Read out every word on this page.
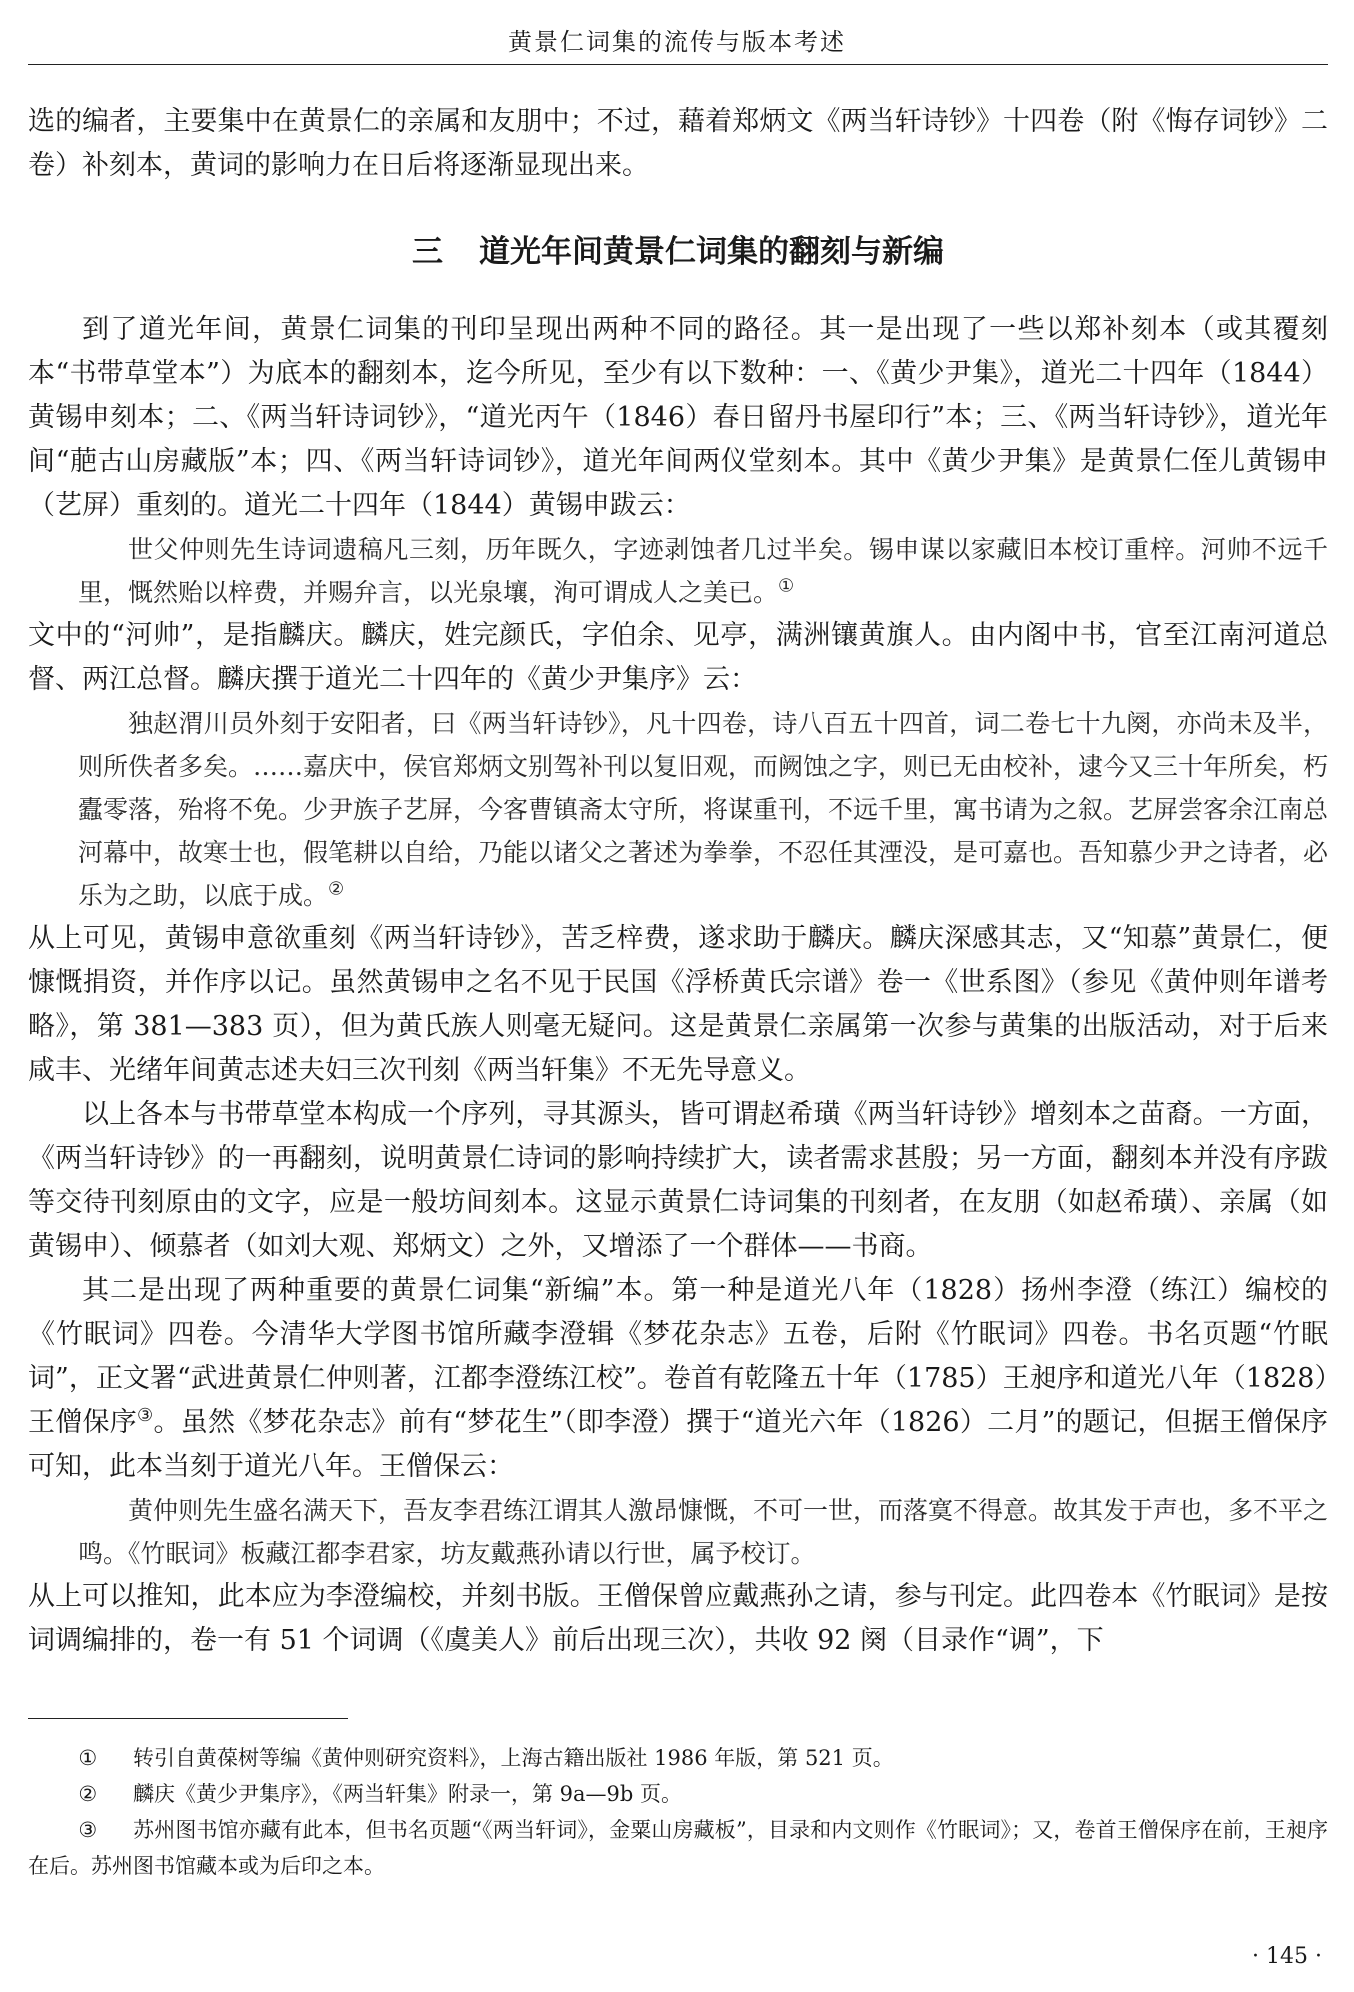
黄景仁词集的流传与版本考述

选的编者，主要集中在黄景仁的亲属和友朋中；不过，藉着郑炳文《两当轩诗钞》十四卷（附《悔存词钞》二卷）补刻本，黄词的影响力在日后将逐渐显现出来。

三 道光年间黄景仁词集的翻刻与新编

到了道光年间，黄景仁词集的刊印呈现出两种不同的路径。其一是出现了一些以郑补刻本（或其覆刻本“书带草堂本”）为底本的翻刻本，迄今所见，至少有以下数种：一、《黄少尹集》，道光二十四年（1844）黄锡申刻本；二、《两当轩诗词钞》，“道光丙午（1846）春日留丹书屋印行”本；三、《两当轩诗钞》，道光年间“萉古山房藏版”本；四、《两当轩诗词钞》，道光年间两仪堂刻本。其中《黄少尹集》是黄景仁侄儿黄锡申（艺屏）重刻的。道光二十四年（1844）黄锡申跋云：

世父仲则先生诗词遗稿凡三刻，历年既久，字迹剥蚀者几过半矣。锡申谋以家藏旧本校订重梓。河帅不远千里，慨然贻以梓费，并赐弁言，以光泉壤，洵可谓成人之美已。①

文中的“河帅”，是指麟庆。麟庆，姓完颜氏，字伯余、见亭，满洲镶黄旗人。由内阁中书，官至江南河道总督、两江总督。麟庆撰于道光二十四年的《黄少尹集序》云：

独赵渭川员外刻于安阳者，曰《两当轩诗钞》，凡十四卷，诗八百五十四首，词二卷七十九阕，亦尚未及半，则所佚者多矣。……嘉庆中，侯官郑炳文别驾补刊以复旧观，而阙蚀之字，则已无由校补，逮今又三十年所矣，朽蠹零落，殆将不免。少尹族子艺屏，今客曹镇斋太守所，将谋重刊，不远千里，寓书请为之叙。艺屏尝客余江南总河幕中，故寒士也，假笔耕以自给，乃能以诸父之著述为拳拳，不忍任其湮没，是可嘉也。吾知慕少尹之诗者，必乐为之助，以底于成。②

从上可见，黄锡申意欲重刻《两当轩诗钞》，苦乏梓费，遂求助于麟庆。麟庆深感其志，又“知慕”黄景仁，便慷慨捐资，并作序以记。虽然黄锡申之名不见于民国《浮桥黄氏宗谱》卷一《世系图》（参见《黄仲则年谱考略》，第 381—383 页），但为黄氏族人则毫无疑问。这是黄景仁亲属第一次参与黄集的出版活动，对于后来咸丰、光绪年间黄志述夫妇三次刊刻《两当轩集》不无先导意义。

以上各本与书带草堂本构成一个序列，寻其源头，皆可谓赵希璜《两当轩诗钞》增刻本之苗裔。一方面，《两当轩诗钞》的一再翻刻，说明黄景仁诗词的影响持续扩大，读者需求甚殷；另一方面，翻刻本并没有序跋等交待刊刻原由的文字，应是一般坊间刻本。这显示黄景仁诗词集的刊刻者，在友朋（如赵希璜）、亲属（如黄锡申）、倾慕者（如刘大观、郑炳文）之外，又增添了一个群体——书商。

其二是出现了两种重要的黄景仁词集“新编”本。第一种是道光八年（1828）扬州李澄（练江）编校的《竹眠词》四卷。今清华大学图书馆所藏李澄辑《梦花杂志》五卷，后附《竹眠词》四卷。书名页题“竹眠词”，正文署“武进黄景仁仲则著，江都李澄练江校”。卷首有乾隆五十年（1785）王昶序和道光八年（1828）王僧保序③。虽然《梦花杂志》前有“梦花生”（即李澄）撰于“道光六年（1826）二月”的题记，但据王僧保序可知，此本当刻于道光八年。王僧保云：

黄仲则先生盛名满天下，吾友李君练江谓其人激昂慷慨，不可一世，而落寞不得意。故其发于声也，多不平之鸣。《竹眠词》板藏江都李君家，坊友戴燕孙请以行世，属予校订。

从上可以推知，此本应为李澄编校，并刻书版。王僧保曾应戴燕孙之请，参与刊定。此四卷本《竹眠词》是按词调编排的，卷一有 51 个词调（《虞美人》前后出现三次），共收 92 阕（目录作“调”，下

① 转引自黄葆树等编《黄仲则研究资料》，上海古籍出版社 1986 年版，第 521 页。

② 麟庆《黄少尹集序》，《两当轩集》附录一，第 9a—9b 页。

③ 苏州图书馆亦藏有此本，但书名页题“《两当轩词》，金粟山房藏板”，目录和内文则作《竹眠词》；又，卷首王僧保序在前，王昶序在后。苏州图书馆藏本或为后印之本。

· 145 ·
